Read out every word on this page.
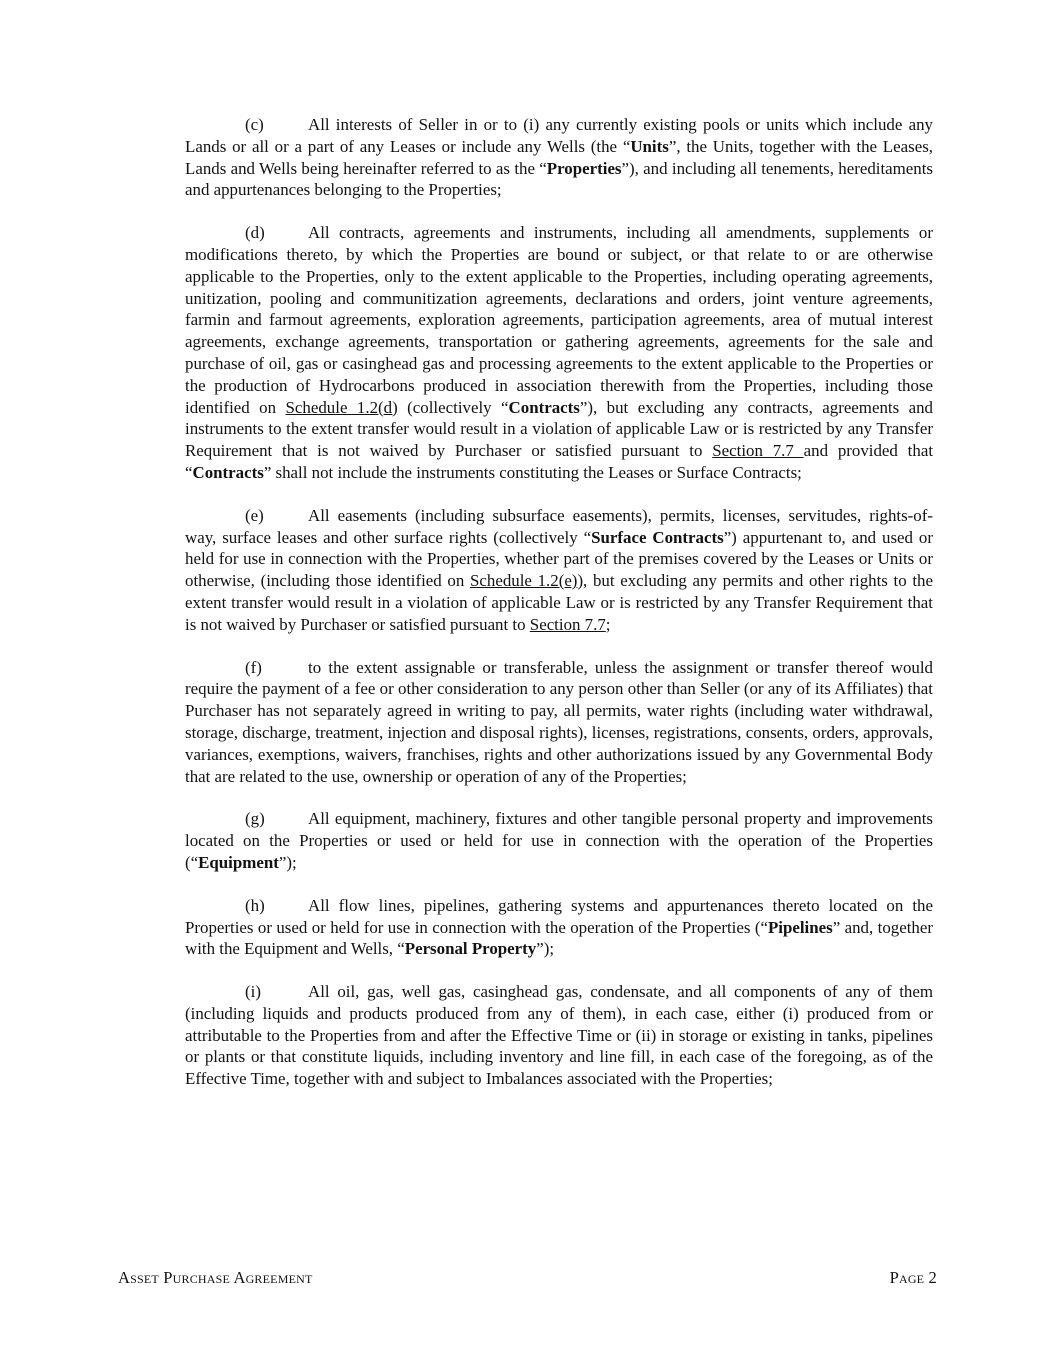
(c)	All interests of Seller in or to (i) any currently existing pools or units which include any Lands or all or a part of any Leases or include any Wells (the “Units”, the Units, together with the Leases, Lands and Wells being hereinafter referred to as the “Properties”), and including all tenements, hereditaments and appurtenances belonging to the Properties;

(d)	All contracts, agreements and instruments, including all amendments, supplements or modifications thereto, by which the Properties are bound or subject, or that relate to or are otherwise applicable to the Properties, only to the extent applicable to the Properties, including operating agreements, unitization, pooling and communitization agreements, declarations and orders, joint venture agreements, farmin and farmout agreements, exploration agreements, participation agreements, area of mutual interest agreements, exchange agreements, transportation or gathering agreements, agreements for the sale and purchase of oil, gas or casinghead gas and processing agreements to the extent applicable to the Properties or the production of Hydrocarbons produced in association therewith from the Properties, including those identified on Schedule 1.2(d) (collectively “Contracts”), but excluding any contracts, agreements and instruments to the extent transfer would result in a violation of applicable Law or is restricted by any Transfer Requirement that is not waived by Purchaser or satisfied pursuant to Section 7.7 and provided that “Contracts” shall not include the instruments constituting the Leases or Surface Contracts;

(e)	All easements (including subsurface easements), permits, licenses, servitudes, rights-of-way, surface leases and other surface rights (collectively “Surface Contracts”) appurtenant to, and used or held for use in connection with the Properties, whether part of the premises covered by the Leases or Units or otherwise, (including those identified on Schedule 1.2(e)), but excluding any permits and other rights to the extent transfer would result in a violation of applicable Law or is restricted by any Transfer Requirement that is not waived by Purchaser or satisfied pursuant to Section 7.7;

(f)	to the extent assignable or transferable, unless the assignment or transfer thereof would require the payment of a fee or other consideration to any person other than Seller (or any of its Affiliates) that Purchaser has not separately agreed in writing to pay, all permits, water rights (including water withdrawal, storage, discharge, treatment, injection and disposal rights), licenses, registrations, consents, orders, approvals, variances, exemptions, waivers, franchises, rights and other authorizations issued by any Governmental Body that are related to the use, ownership or operation of any of the Properties;

(g)	All equipment, machinery, fixtures and other tangible personal property and improvements located on the Properties or used or held for use in connection with the operation of the Properties (“Equipment”);

(h)	All flow lines, pipelines, gathering systems and appurtenances thereto located on the Properties or used or held for use in connection with the operation of the Properties (“Pipelines” and, together with the Equipment and Wells, “Personal Property”);

(i)	All oil, gas, well gas, casinghead gas, condensate, and all components of any of them (including liquids and products produced from any of them), in each case, either (i) produced from or attributable to the Properties from and after the Effective Time or (ii) in storage or existing in tanks, pipelines or plants or that constitute liquids, including inventory and line fill, in each case of the foregoing, as of the Effective Time, together with and subject to Imbalances associated with the Properties;

Asset Purchase Agreement	Page 2
